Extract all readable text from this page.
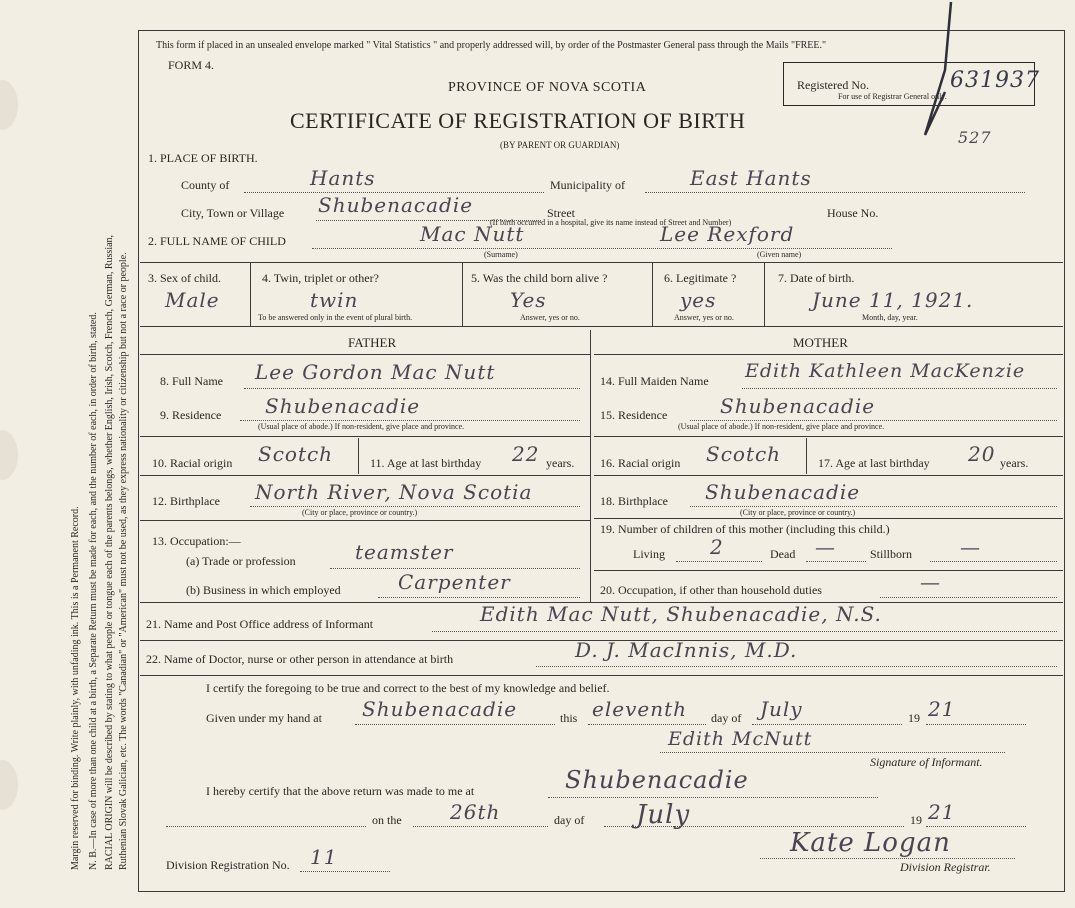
Margin reserved for binding. Write plainly, with unfading ink. This is a Permanent Record. N. B.—In case of more than one child at a birth, a Separate Return must be made for each, and the number of each, in order of birth, stated. RACIAL ORIGIN will be described by stating to what people or tongue each of the parents belongs, whether English, Irish, Scotch, French, German, Russian, Ruthenian Slovak Galician, etc. The words "Canadian" or "American" must not be used, as they express nationality or citizenship but not a race or people.
This form if placed in an unsealed envelope marked " Vital Statistics " and properly addressed will, by order of the Postmaster General pass through the Mails "FREE."
FORM 4.
PROVINCE OF NOVA SCOTIA
CERTIFICATE OF REGISTRATION OF BIRTH
(BY PARENT OR GUARDIAN)
Registered No.	631937
For use of Registrar General only.
527
1. PLACE OF BIRTH.
County of	Hants	Municipality of	East Hants
City, Town or Village Shubenacadie	Street
(If birth occurred in a hospital, give its name instead of Street and Number)
House No.
2. FULL NAME OF CHILD	Mac Nutt	Lee Rexford
(Surname)	(Given name)
3. Sex of child.
Male
4. Twin, triplet or other?
twin
To be answered only in the event of plural birth.
5. Was the child born alive ?
Yes
Answer, yes or no.
6. Legitimate ?
yes
Answer, yes or no.
7. Date of birth.
June 11, 1921.
Month, day, year.
FATHER	MOTHER
8. Full Name Lee Gordon Mac Nutt	14. Full Maiden Name Edith Kathleen MacKenzie
9. Residence Shubenacadie
(Usual place of abode.) If non-resident, give place and province.
15. Residence	Shubenacadie
(Usual place of abode.) If non-resident, give place and province.
10. Racial origin Scotch	11. Age at last birthday 22 years. 16. Racial origin Scotch	17. Age at last birthday 20 years.
12. Birthplace North River, Nova Scotia
(City or place, province or country.)
18. Birthplace Shubenacadie
(City or place, province or country.)
13. Occupation:—
(a) Trade or profession	teamster
(b) Business in which employed	Carpenter
19. Number of children of this mother (including this child.)
Living 2	Dead —	Stillborn —
20. Occupation, if other than household duties	—
21. Name and Post Office address of Informant	Edith Mac Nutt, Shubenacadie, N.S.
22. Name of Doctor, nurse or other person in attendance at birth	D. J. MacInnis, M.D.
I certify the foregoing to be true and correct to the best of my knowledge and belief.
Given under my hand at Shubenacadie	this eleventh day of July	19 21
Edith McNutt
Signature of Informant.
I hereby certify that the above return was made to me at	Shubenacadie
on the 26th	day of July	19 21
Division Registration No. 11	Kate Logan
Division Registrar.
